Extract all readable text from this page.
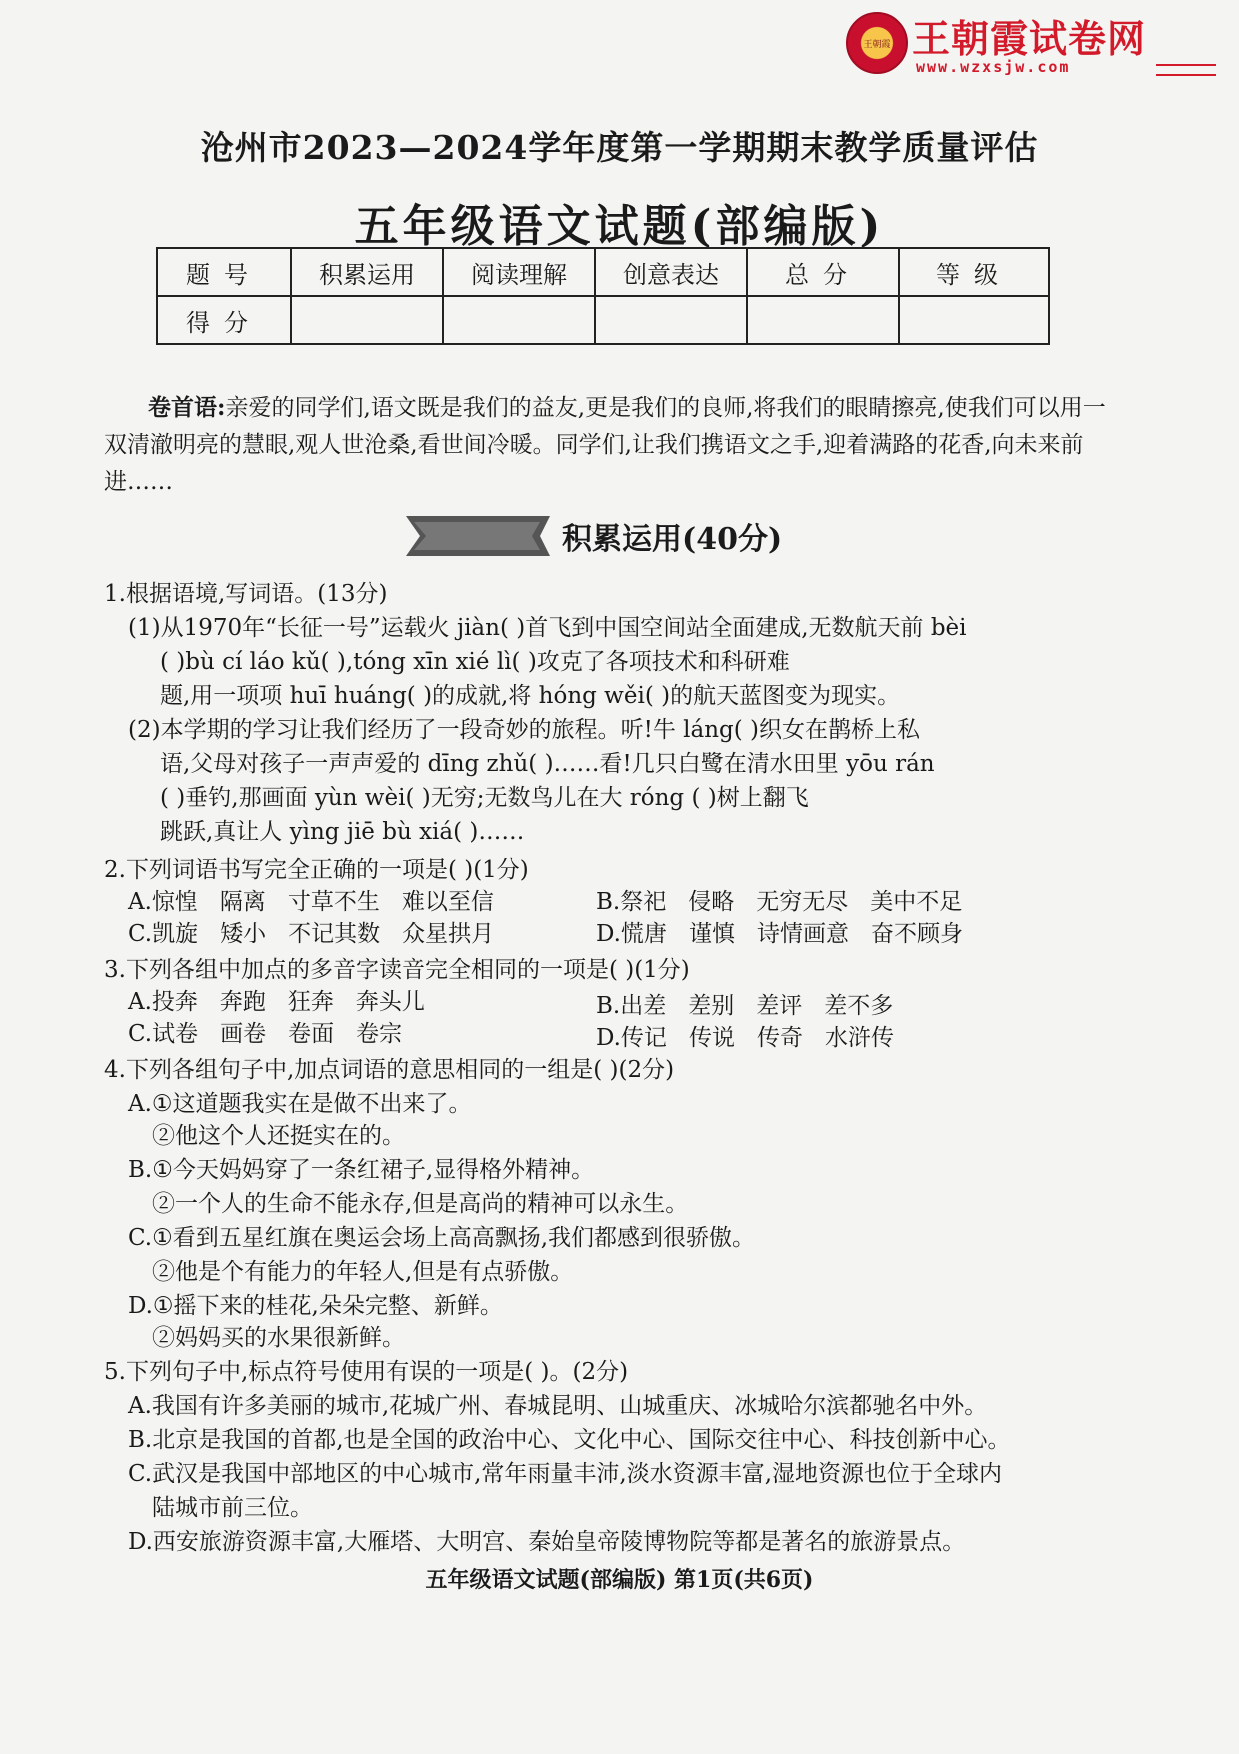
王朝霞 王朝霞试卷网
www.wzxsjw.com
沧州市2023—2024学年度第一学期期末教学质量评估
五年级语文试题(部编版)
题号	积累运用	阅读理解	创意表达	总分	等级
得分					
卷首语:亲爱的同学们,语文既是我们的益友,更是我们的良师,将我们的眼睛擦亮,使我们可以用一双清澈明亮的慧眼,观人世沧桑,看世间冷暖。同学们,让我们携语文之手,迎着满路的花香,向未来前进……
积累运用(40分)
1.根据语境,写词语。(13分)
(1)从1970年“长征一号”运载火 jiàn( )首飞到中国空间站全面建成,无数航天前 bèi
( )bù cí láo kǔ( ),tóng xīn xié lì( )攻克了各项技术和科研难
题,用一项项 huī huáng( )的成就,将 hóng wěi( )的航天蓝图变为现实。
(2)本学期的学习让我们经历了一段奇妙的旅程。听!牛 láng( )织女在鹊桥上私
语,父母对孩子一声声爱的 dīng zhǔ( )……看!几只白鹭在清水田里 yōu rán
( )垂钓,那画面 yùn wèi( )无穷;无数鸟儿在大 róng ( )树上翻飞
跳跃,真让人 yìng jiē bù xiá( )……
2.下列词语书写完全正确的一项是( )(1分)
A.惊惶 隔离 寸草不生 难以至信	B.祭祀 侵略 无穷无尽 美中不足
C.凯旋 矮小 不记其数 众星拱月	D.慌唐 谨慎 诗情画意 奋不顾身
3.下列各组中加点的多音字读音完全相同的一项是( )(1分)
A.投奔 奔跑 狂奔 奔头儿	B.出差 差别 差评 差不多
C.试卷 画卷 卷面 卷宗	D.传记 传说 传奇 水浒传
4.下列各组句子中,加点词语的意思相同的一组是( )(2分)
A.①这道题我实在是做不出来了。
②他这个人还挺实在的。
B.①今天妈妈穿了一条红裙子,显得格外精神。
②一个人的生命不能永存,但是高尚的精神可以永生。
C.①看到五星红旗在奥运会场上高高飘扬,我们都感到很骄傲。
②他是个有能力的年轻人,但是有点骄傲。
D.①摇下来的桂花,朵朵完整、新鲜。
②妈妈买的水果很新鲜。
5.下列句子中,标点符号使用有误的一项是( )。(2分)
A.我国有许多美丽的城市,花城广州、春城昆明、山城重庆、冰城哈尔滨都驰名中外。
B.北京是我国的首都,也是全国的政治中心、文化中心、国际交往中心、科技创新中心。
C.武汉是我国中部地区的中心城市,常年雨量丰沛,淡水资源丰富,湿地资源也位于全球内
陆城市前三位。
D.西安旅游资源丰富,大雁塔、大明宫、秦始皇帝陵博物院等都是著名的旅游景点。
五年级语文试题(部编版) 第1页(共6页)
